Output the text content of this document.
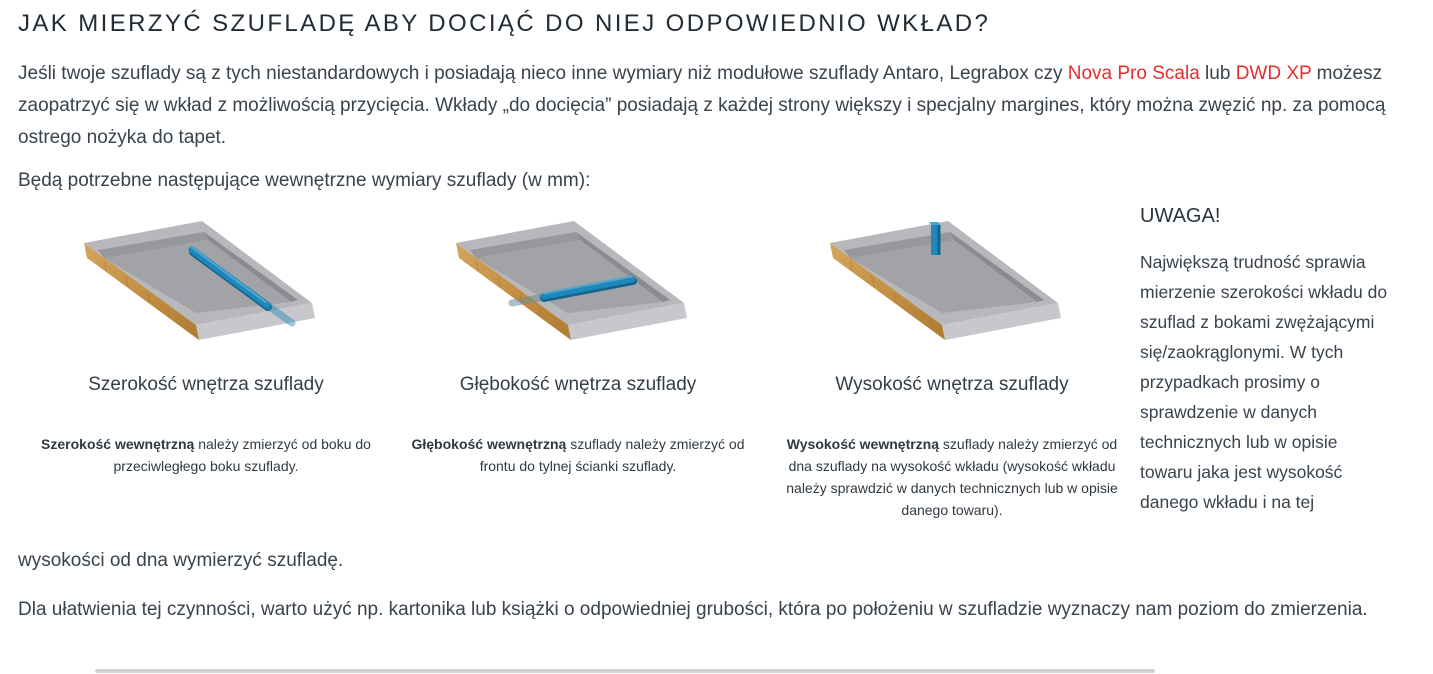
JAK MIERZYĆ SZUFLADĘ ABY DOCIĄĆ DO NIEJ ODPOWIEDNIO WKŁAD?

Jeśli twoje szuflady są z tych niestandardowych i posiadają nieco inne wymiary niż modułowe szuflady Antaro, Legrabox czy Nova Pro Scala lub DWD XP możesz zaopatrzyć się w wkład z możliwością przycięcia. Wkłady „do docięcia” posiadają z każdej strony większy i specjalny margines, który można zwęzić np. za pomocą ostrego nożyka do tapet.

Będą potrzebne następujące wewnętrzne wymiary szuflady (w mm):

Szerokość wnętrza szuflady

Szerokość wewnętrzną należy zmierzyć od boku do przeciwległego boku szuflady.

Głębokość wnętrza szuflady

Głębokość wewnętrzną szuflady należy zmierzyć od frontu do tylnej ścianki szuflady.

Wysokość wnętrza szuflady

Wysokość wewnętrzną szuflady należy zmierzyć od dna szuflady na wysokość wkładu (wysokość wkładu należy sprawdzić w danych technicznych lub w opisie danego towaru).

UWAGA!

Największą trudność sprawia mierzenie szerokości wkładu do szuflad z bokami zwężającymi się/zaokrąglonymi. W tych przypadkach prosimy o sprawdzenie w danych technicznych lub w opisie towaru jaka jest wysokość danego wkładu i na tej

wysokości od dna wymierzyć szufladę.

Dla ułatwienia tej czynności, warto użyć np. kartonika lub książki o odpowiedniej grubości, która po położeniu w szufladzie wyznaczy nam poziom do zmierzenia.
